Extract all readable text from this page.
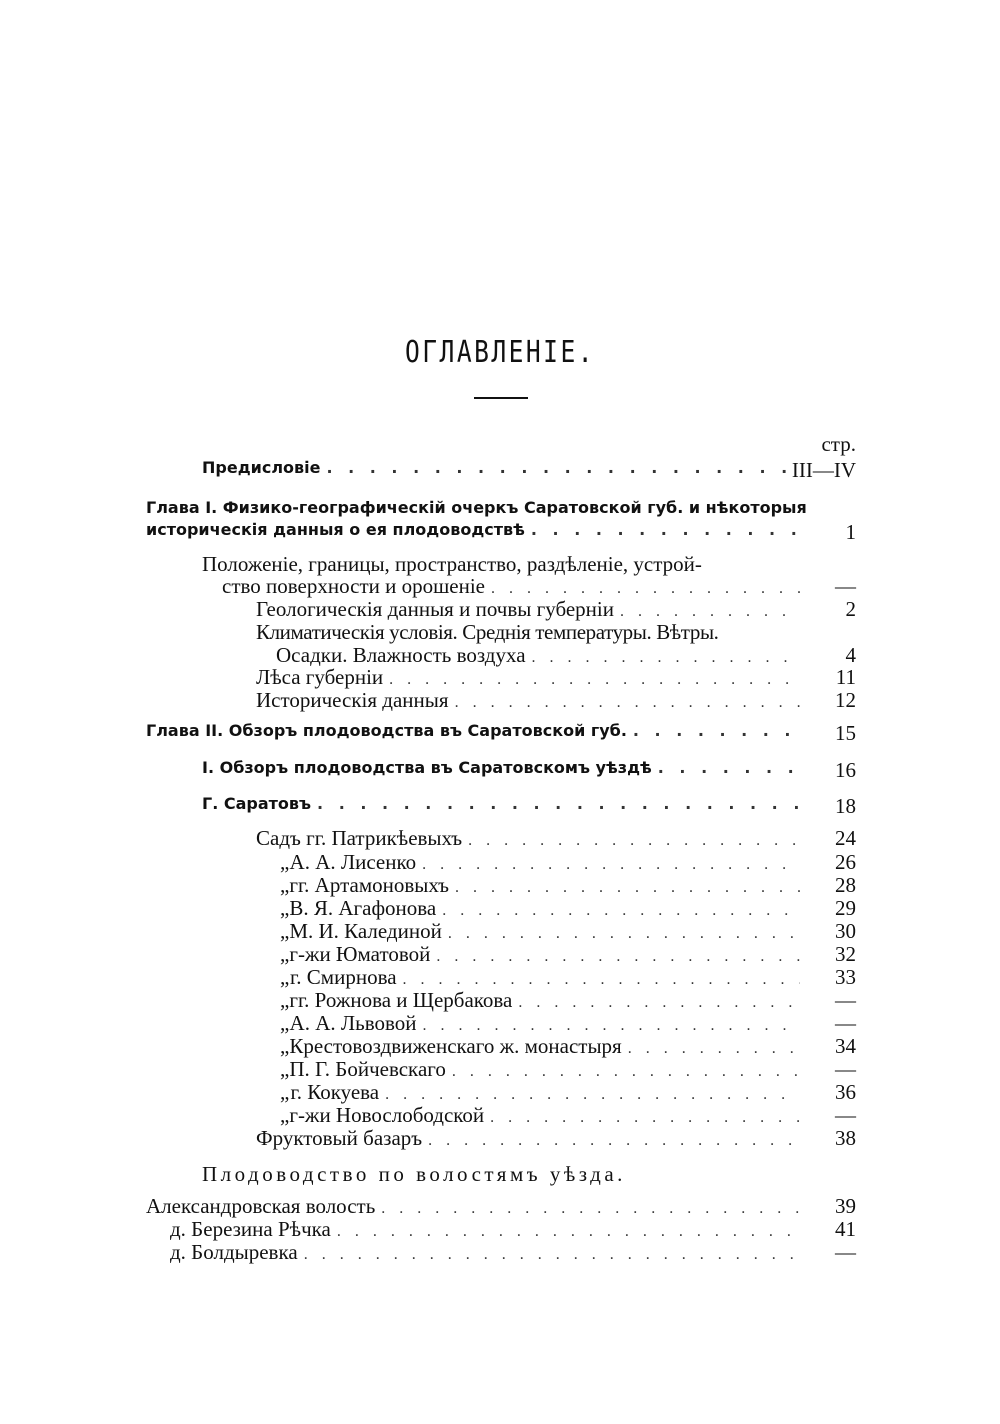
ОГЛАВЛЕНІЕ.
стр.
Предисловіе . . .	III—IV
Глава I. Физико-географическій очеркъ Саратовской губ. и нѣкоторыя
историческія данныя о ея плодоводствѣ . . .	1
Положеніе, границы, пространство, раздѣленіе, устрой-
ство поверхности и орошеніе . . .	—
Геологическія данныя и почвы губерніи . . .	2
Климатическія условія. Среднія температуры. Вѣтры.
Осадки. Влажность воздуха . . .	4
Лѣса губерніи . . .	11
Историческія данныя . . .	12
Глава II. Обзоръ плодоводства въ Саратовской губ. . . .	15
I. Обзоръ плодоводства въ Саратовскомъ уѣздѣ . . .	16
Г. Саратовъ . . .	18
Садъ гг. Патрикѣевыхъ . . .	24
„ А. А. Лисенко . . .	26
„ гг. Артамоновыхъ . . .	28
„ В. Я. Агафонова . . .	29
„ М. И. Калединой . . .	30
„ г-жи Юматовой . . .	32
„ г. Смирнова . . .	33
„ гг. Рожнова и Щербакова . . .	—
„ А. А. Львовой . . .	—
„ Крестовоздвиженскаго ж. монастыря . . .	34
„ П. Г. Бойчевскаго . . .	—
„ г. Кокуева . . .	36
„ г-жи Новослободской . . .	—
Фруктовый базаръ . . .	38
Плодоводство по волостямъ уѣзда.
Александровская волость . . .	39
д. Березина Рѣчка . . .	41
д. Болдыревка . . .	—
